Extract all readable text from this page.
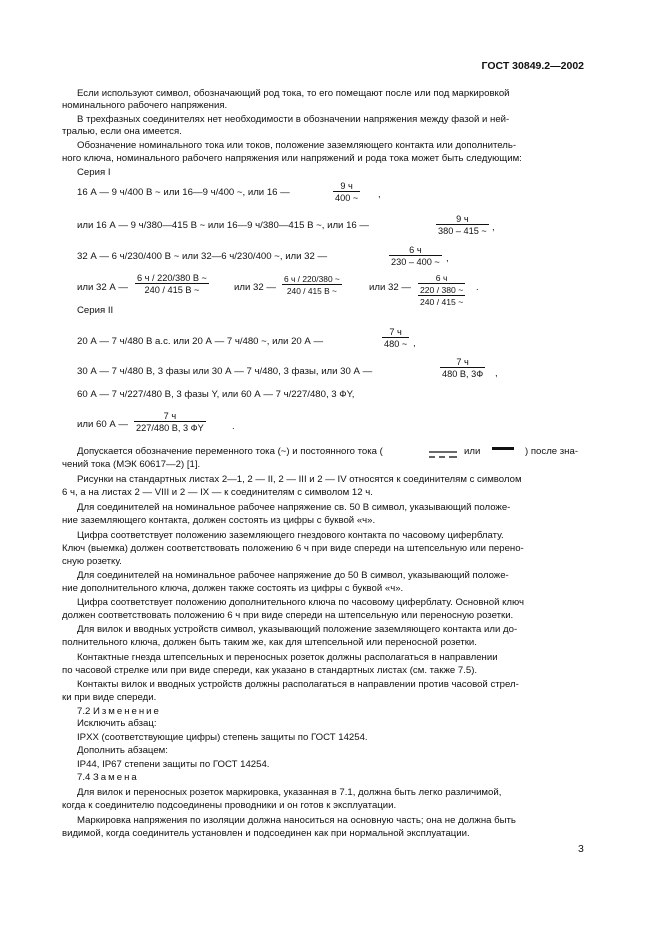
ГОСТ 30849.2—2002
Если используют символ, обозначающий род тока, то его помещают после или под маркировкой
номинального рабочего напряжения.
В трехфазных соединителях нет необходимости в обозначении напряжения между фазой и ней-
тралью, если она имеется.
Обозначение номинального тока или токов, положение заземляющего контакта или дополнитель-
ного ключа, номинального рабочего напряжения или напряжений и рода тока может быть следующим:
Серия I
16 А — 9 ч/400 В ~ или 16—9 ч/400 ~, или 16 —
9 ч
400 ~ ,
или 16 А — 9 ч/380—415 В ~ или 16—9 ч/380—415 В ~, или 16 —
9 ч
380 – 415 ~ ,
32 А — 6 ч/230/400 В ~ или 32—6 ч/230/400 ~, или 32 —
6 ч
230 – 400 ~ ,
или 32 А —
6 ч / 220/380 В ~
240 / 415 В ~	или 32 —
6 ч / 220/380 ~
240 / 415 В ~	или 32 —
6 ч
220 / 380 ~
240 / 415 ~
.
Серия II
20 А — 7 ч/480 В а.с. или 20 А — 7 ч/480 ~, или 20 А —
7 ч
480 ~ ,
30 А — 7 ч/480 В, 3 фазы или 30 А — 7 ч/480, 3 фазы, или 30 А —
7 ч
480 В, 3Ф ,
60 А — 7 ч/227/480 В, 3 фазы Y, или 60 А — 7 ч/227/480, 3 ФY,
или 60 А —
7 ч
227/480 В, 3 ФY	.
Допускается обозначение переменного тока (~) и постоянного тока (	или	) после зна-
чений тока (МЭК 60617—2) [1].
Рисунки на стандартных листах 2—1, 2 — II, 2 — III и 2 — IV относятся к соединителям с символом
6 ч, а на листах 2 — VIII и 2 — IX — к соединителям с символом 12 ч.
Для соединителей на номинальное рабочее напряжение св. 50 В символ, указывающий положе-
ние заземляющего контакта, должен состоять из цифры с буквой «ч».
Цифра соответствует положению заземляющего гнездового контакта по часовому циферблату.
Ключ (выемка) должен соответствовать положению 6 ч при виде спереди на штепсельную или перено-
сную розетку.
Для соединителей на номинальное рабочее напряжение до 50 В символ, указывающий положе-
ние дополнительного ключа, должен также состоять из цифры с буквой «ч».
Цифра соответствует положению дополнительного ключа по часовому циферблату. Основной ключ
должен соответствовать положению 6 ч при виде спереди на штепсельную или переносную розетки.
Для вилок и вводных устройств символ, указывающий положение заземляющего контакта или до-
полнительного ключа, должен быть таким же, как для штепсельной или переносной розетки.
Контактные гнезда штепсельных и переносных розеток должны располагаться в направлении
по часовой стрелке или при виде спереди, как указано в стандартных листах (см. также 7.5).
Контакты вилок и вводных устройств должны располагаться в направлении против часовой стрел-
ки при виде спереди.
7.2 Изменение
Исключить абзац:
IPXX (соответствующие цифры) степень защиты по ГОСТ 14254.
Дополнить абзацем:
IP44, IP67 степени защиты по ГОСТ 14254.
7.4 Замена
Для вилок и переносных розеток маркировка, указанная в 7.1, должна быть легко различимой,
когда к соединителю подсоединены проводники и он готов к эксплуатации.
Маркировка напряжения по изоляции должна наноситься на основную часть; она не должна быть
видимой, когда соединитель установлен и подсоединен как при нормальной эксплуатации.
3
